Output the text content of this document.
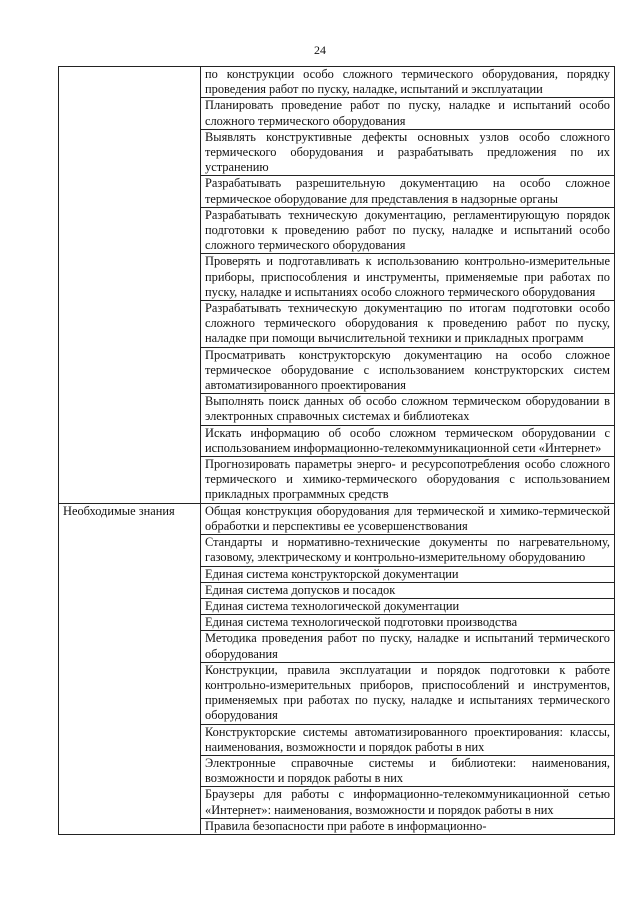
24
	по конструкции особо сложного термического оборудования, порядку проведения работ по пуску, наладке, испытаний и эксплуатации
	Планировать проведение работ по пуску, наладке и испытаний особо сложного термического оборудования
	Выявлять конструктивные дефекты основных узлов особо сложного термического оборудования и разрабатывать предложения по их устранению
	Разрабатывать разрешительную документацию на особо сложное термическое оборудование для представления в надзорные органы
	Разрабатывать техническую документацию, регламентирующую порядок подготовки к проведению работ по пуску, наладке и испытаний особо сложного термического оборудования
	Проверять и подготавливать к использованию контрольно-измерительные приборы, приспособления и инструменты, применяемые при работах по пуску, наладке и испытаниях особо сложного термического оборудования
	Разрабатывать техническую документацию по итогам подготовки особо сложного термического оборудования к проведению работ по пуску, наладке при помощи вычислительной техники и прикладных программ
	Просматривать конструкторскую документацию на особо сложное термическое оборудование с использованием конструкторских систем автоматизированного проектирования
	Выполнять поиск данных об особо сложном термическом оборудовании в электронных справочных системах и библиотеках
	Искать информацию об особо сложном термическом оборудовании с использованием информационно-телекоммуникационной сети «Интернет»
	Прогнозировать параметры энерго- и ресурсопотребления особо сложного термического и химико-термического оборудования с использованием прикладных программных средств

Необходимые знания	Общая конструкция оборудования для термической и химико-термической обработки и перспективы ее усовершенствования
	Стандарты и нормативно-технические документы по нагревательному, газовому, электрическому и контрольно-измерительному оборудованию
	Единая система конструкторской документации
	Единая система допусков и посадок
	Единая система технологической документации
	Единая система технологической подготовки производства
	Методика проведения работ по пуску, наладке и испытаний термического оборудования
	Конструкции, правила эксплуатации и порядок подготовки к работе контрольно-измерительных приборов, приспособлений и инструментов, применяемых при работах по пуску, наладке и испытаниях термического оборудования
	Конструкторские системы автоматизированного проектирования: классы, наименования, возможности и порядок работы в них
	Электронные справочные системы и библиотеки: наименования, возможности и порядок работы в них
	Браузеры для работы с информационно-телекоммуникационной сетью «Интернет»: наименования, возможности и порядок работы в них
	Правила безопасности при работе в информационно-
